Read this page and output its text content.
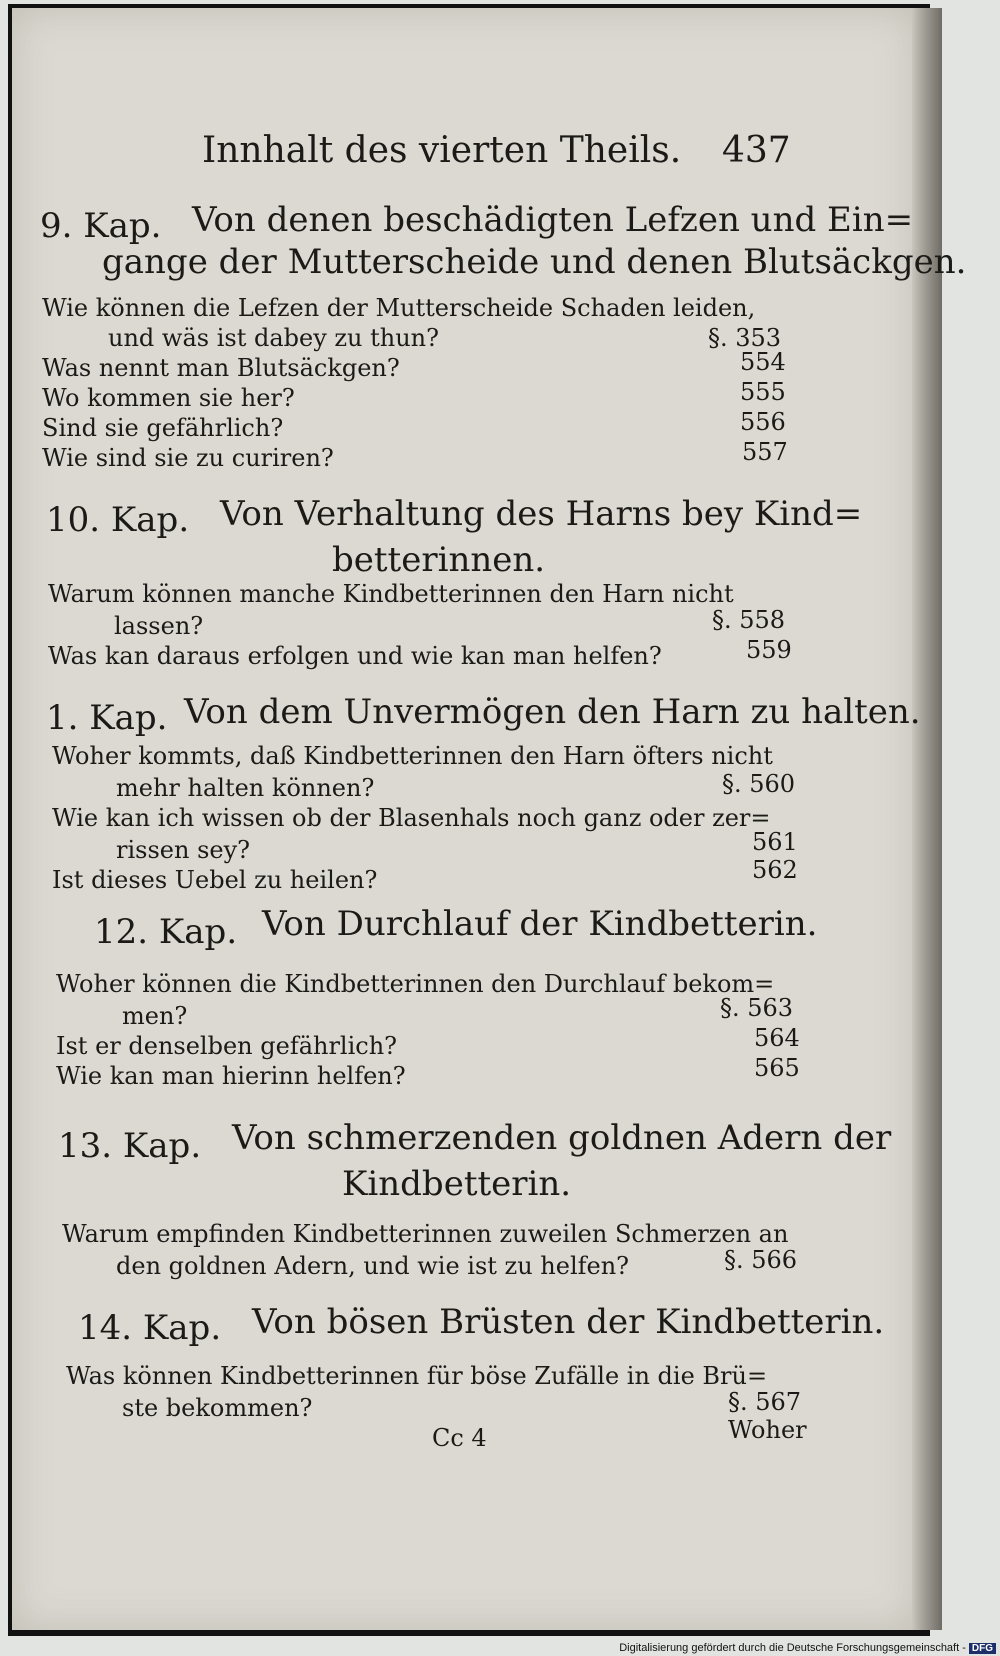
Innhalt des vierten Theils. 437
9. Kap. Von denen beschädigten Lefzen und Ein=
gange der Mutterscheide und denen Blutsäckgen.
Wie können die Lefzen der Mutterscheide Schaden leiden,
und wäs ist dabey zu thun?	§. 353
Was nennt man Blutsäckgen?	554
Wo kommen sie her?	555
Sind sie gefährlich?	556
Wie sind sie zu curiren?	557
10. Kap. Von Verhaltung des Harns bey Kind=
betterinnen.
Warum können manche Kindbetterinnen den Harn nicht
lassen?	§. 558
Was kan daraus erfolgen und wie kan man helfen?	559
1. Kap. Von dem Unvermögen den Harn zu halten.
Woher kommts, daß Kindbetterinnen den Harn öfters nicht
mehr halten können?	§. 560
Wie kan ich wissen ob der Blasenhals noch ganz oder zer=
rissen sey?	561
Ist dieses Uebel zu heilen?	562
12. Kap. Von Durchlauf der Kindbetterin.
Woher können die Kindbetterinnen den Durchlauf bekom=
men?	§. 563
Ist er denselben gefährlich?	564
Wie kan man hierinn helfen?	565
13. Kap. Von schmerzenden goldnen Adern der
Kindbetterin.
Warum empfinden Kindbetterinnen zuweilen Schmerzen an
den goldnen Adern, und wie ist zu helfen?	§. 566
14. Kap. Von bösen Brüsten der Kindbetterin.
Was können Kindbetterinnen für böse Zufälle in die Brü=
ste bekommen?	§. 567
Cc 4	Woher
Digitalisierung gefördert durch die Deutsche Forschungsgemeinschaft - DFG
